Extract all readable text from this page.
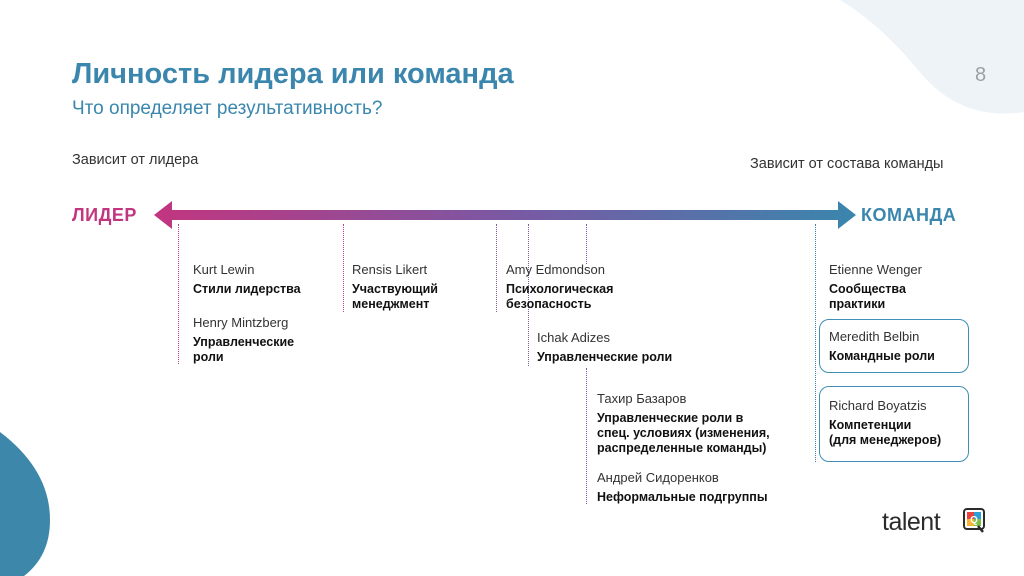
Личность лидера или команда
Что определяет результативность?
8
Зависит от лидера	Зависит от состава команды
ЛИДЕР	КОМАНДА
Kurt Lewin
Стили лидерства
Henry Mintzberg
Управленческие
роли
Rensis Likert
Участвующий
менеджмент
Amy Edmondson
Психологическая
безопасность
Ichak Adizes
Управленческие роли
Тахир Базаров
Управленческие роли в
спец. условиях (изменения,
распределенные команды)
Андрей Сидоренков
Неформальные подгруппы
Etienne Wenger
Сообщества
практики
Meredith Belbin
Командные роли
Richard Boyatzis
Компетенции
(для менеджеров)
talent	Q
